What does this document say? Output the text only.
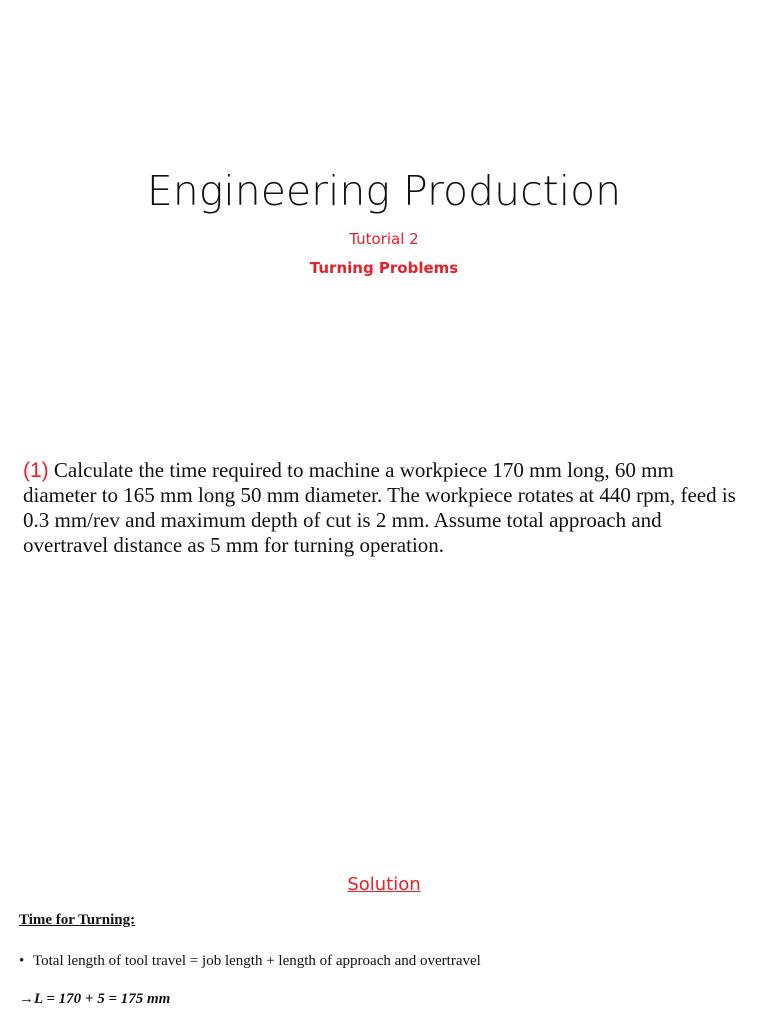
Engineering Production
Tutorial 2
Turning Problems
(1) Calculate the time required to machine a workpiece 170 mm long, 60 mm diameter to 165 mm long 50 mm diameter. The workpiece rotates at 440 rpm, feed is 0.3 mm/rev and maximum depth of cut is 2 mm. Assume total approach and overtravel distance as 5 mm for turning operation.
Solution
Time for Turning:
• Total length of tool travel = job length + length of approach and overtravel
→L = 170 + 5 = 175 mm
